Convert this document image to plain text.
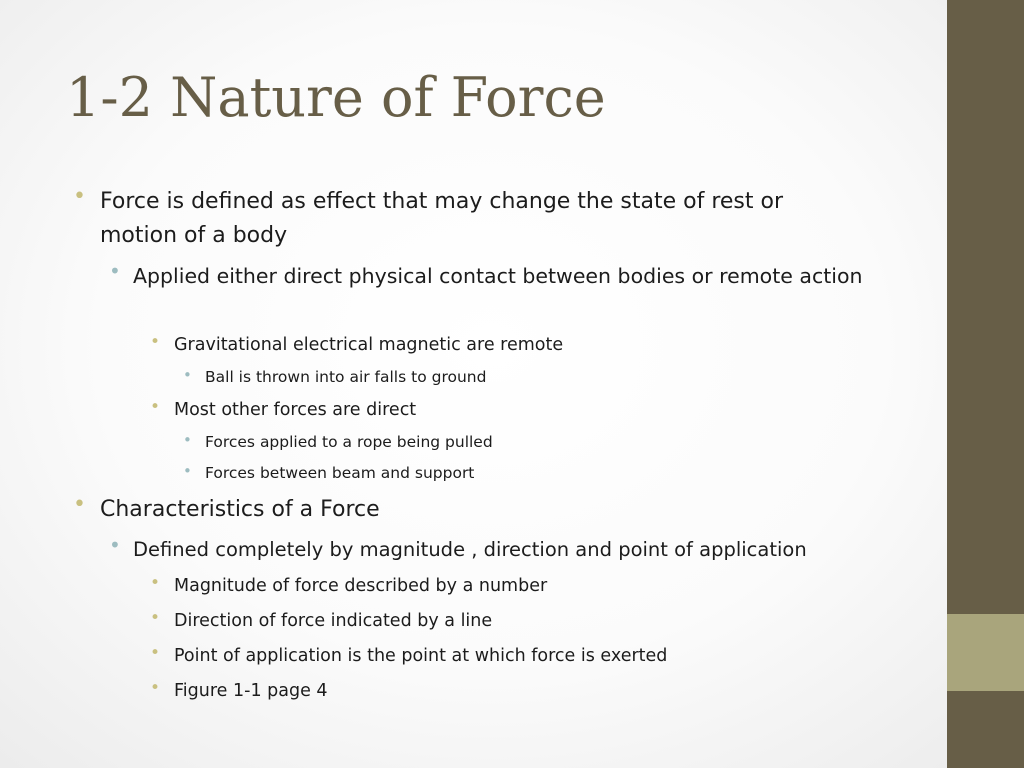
1-2 Nature of Force
• Force is defined as effect that may change the state of rest or motion of a body
• Applied either direct physical contact between bodies or remote action
• Gravitational electrical magnetic are remote
• Ball is thrown into air falls to ground
• Most other forces are direct
• Forces applied to a rope being pulled
• Forces between beam and support
• Characteristics of a Force
• Defined completely by magnitude , direction and point of application
• Magnitude of force described by a number
• Direction of force indicated by a line
• Point of application is the point at which force is exerted
• Figure 1-1 page 4
